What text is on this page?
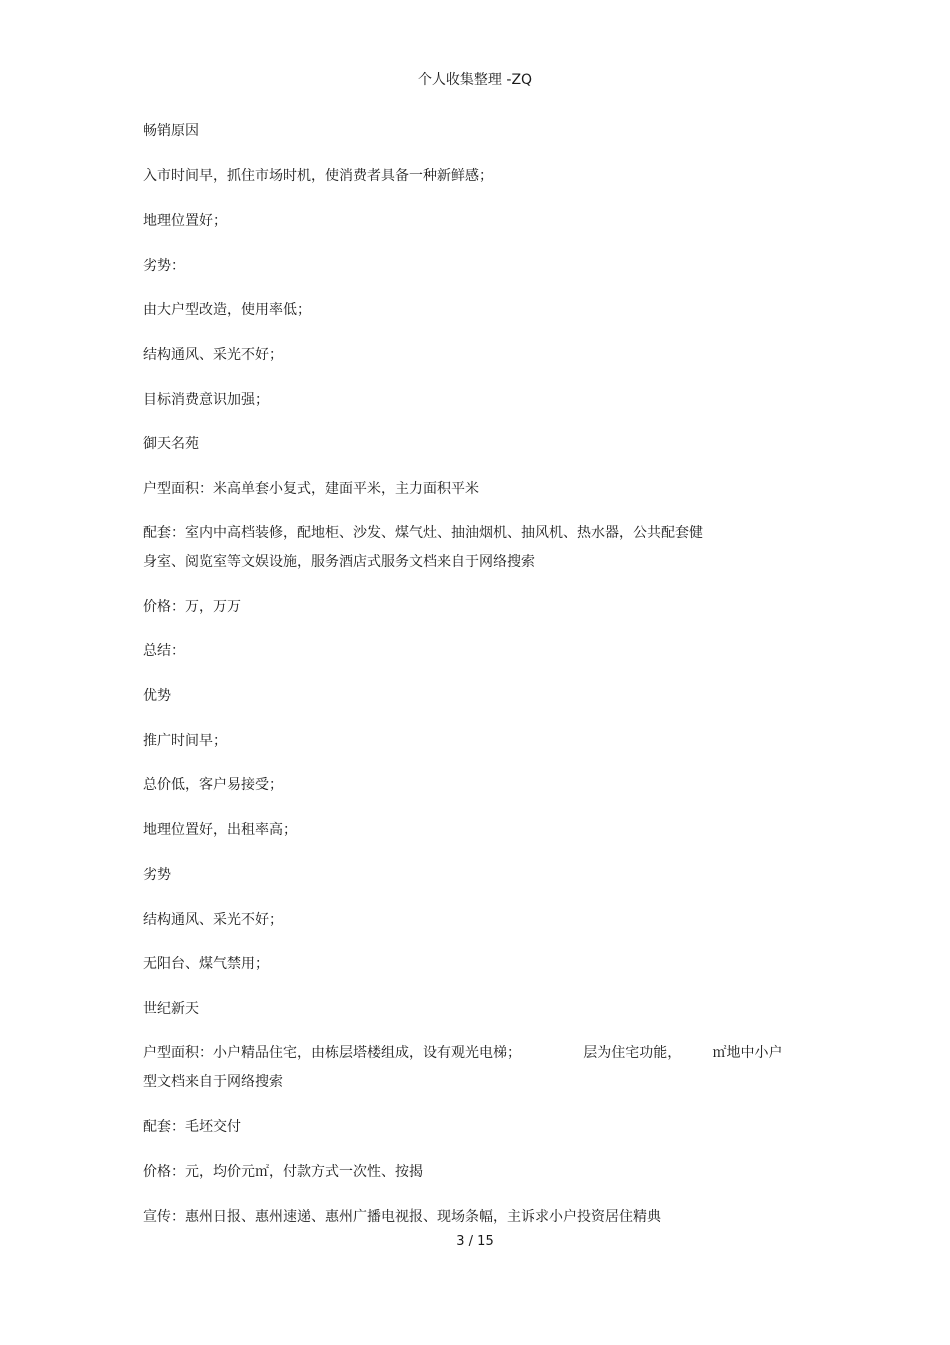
个人收集整理 -ZQ
畅销原因
入市时间早，抓住市场时机，使消费者具备一种新鲜感；
地理位置好；
劣势：
由大户型改造，使用率低；
结构通风、采光不好；
目标消费意识加强；
御天名苑
户型面积：米高单套小复式，建面平米，主力面积平米
配套：室内中高档装修，配地柜、沙发、煤气灶、抽油烟机、抽风机、热水器，公共配套健
身室、阅览室等文娱设施，服务酒店式服务文档来自于网络搜索
价格：万，万万
总结：
优势
推广时间早；
总价低，客户易接受；
地理位置好，出租率高；
劣势
结构通风、采光不好；
无阳台、煤气禁用；
世纪新天
户型面积：小户精品住宅，由栋层塔楼组成，设有观光电梯；              层为住宅功能，       ㎡地中小户
型文档来自于网络搜索
配套：毛坯交付
价格：元，均价元㎡，付款方式一次性、按揭
宣传：惠州日报、惠州速递、惠州广播电视报、现场条幅，主诉求小户投资居住精典
3 / 15
